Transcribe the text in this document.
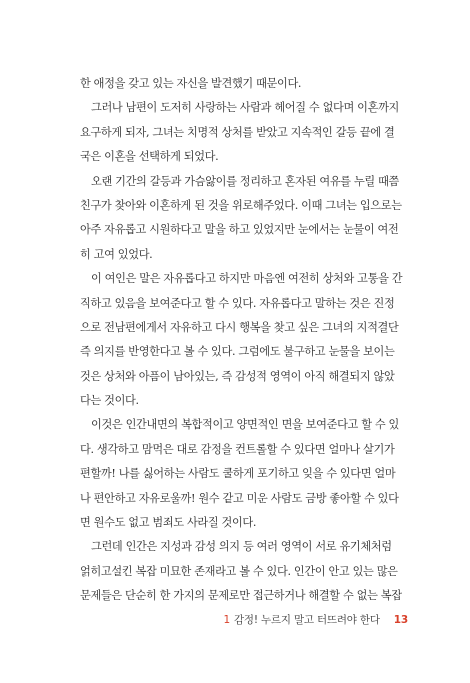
한 애정을 갖고 있는 자신을 발견했기 때문이다.
그러나 남편이 도저히 사랑하는 사람과 헤어질 수 없다며 이혼까지
요구하게 되자, 그녀는 치명적 상처를 받았고 지속적인 갈등 끝에 결
국은 이혼을 선택하게 되었다.
오랜 기간의 갈등과 가슴앓이를 정리하고 혼자된 여유를 누릴 때쯤
친구가 찾아와 이혼하게 된 것을 위로해주었다. 이때 그녀는 입으로는
아주 자유롭고 시원하다고 말을 하고 있었지만 눈에서는 눈물이 여전
히 고여 있었다.
이 여인은 말은 자유롭다고 하지만 마음엔 여전히 상처와 고통을 간
직하고 있음을 보여준다고 할 수 있다. 자유롭다고 말하는 것은 진정
으로 전남편에게서 자유하고 다시 행복을 찾고 싶은 그녀의 지적결단
즉 의지를 반영한다고 볼 수 있다. 그럼에도 불구하고 눈물을 보이는
것은 상처와 아픔이 남아있는, 즉 감성적 영역이 아직 해결되지 않았
다는 것이다.
이것은 인간내면의 복합적이고 양면적인 면을 보여준다고 할 수 있
다. 생각하고 맘먹은 대로 감정을 컨트롤할 수 있다면 얼마나 살기가
편할까! 나를 싫어하는 사람도 쿨하게 포기하고 잊을 수 있다면 얼마
나 편안하고 자유로울까! 원수 같고 미운 사람도 금방 좋아할 수 있다
면 원수도 없고 범죄도 사라질 것이다.
그런데 인간은 지성과 감성 의지 등 여러 영역이 서로 유기체처럼
얽히고설킨 복잡 미묘한 존재라고 볼 수 있다. 인간이 안고 있는 많은
문제들은 단순히 한 가지의 문제로만 접근하거나 해결할 수 없는 복잡
1 감정! 누르지 말고 터뜨려야 한다 13
